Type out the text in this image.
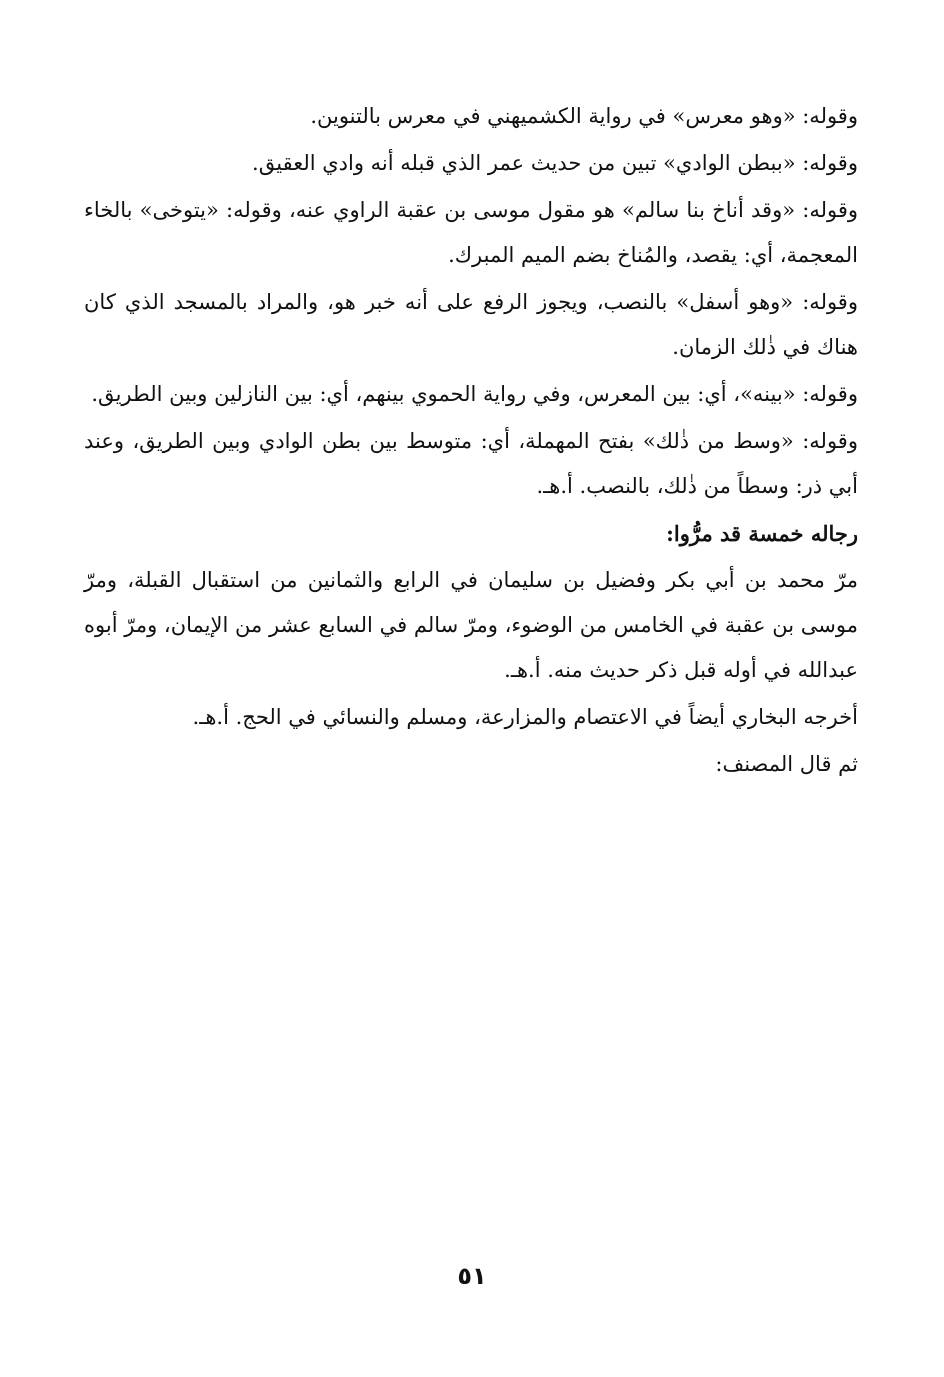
وقوله: «وهو معرس» في رواية الكشميهني في معرس بالتنوين.

وقوله: «ببطن الوادي» تبين من حديث عمر الذي قبله أنه وادي العقيق.

وقوله: «وقد أناخ بنا سالم» هو مقول موسى بن عقبة الراوي عنه، وقوله: «يتوخى» بالخاء المعجمة، أي: يقصد، والمُناخ بضم الميم المبرك.

وقوله: «وهو أسفل» بالنصب، ويجوز الرفع على أنه خبر هو، والمراد بالمسجد الذي كان هناك في ذٰلك الزمان.

وقوله: «بينه»، أي: بين المعرس، وفي رواية الحموي بينهم، أي: بين النازلين وبين الطريق.

وقوله: «وسط من ذٰلك» بفتح المهملة، أي: متوسط بين بطن الوادي وبين الطريق، وعند أبي ذر: وسطاً من ذٰلك، بالنصب. أ.هـ.

رجاله خمسة قد مرُّوا:

مرّ محمد بن أبي بكر وفضيل بن سليمان في الرابع والثمانين من استقبال القبلة، ومرّ موسى بن عقبة في الخامس من الوضوء، ومرّ سالم في السابع عشر من الإيمان، ومرّ أبوه عبدالله في أوله قبل ذكر حديث منه. أ.هـ.

أخرجه البخاري أيضاً في الاعتصام والمزارعة، ومسلم والنسائي في الحج. أ.هـ.

ثم قال المصنف:

٥١
